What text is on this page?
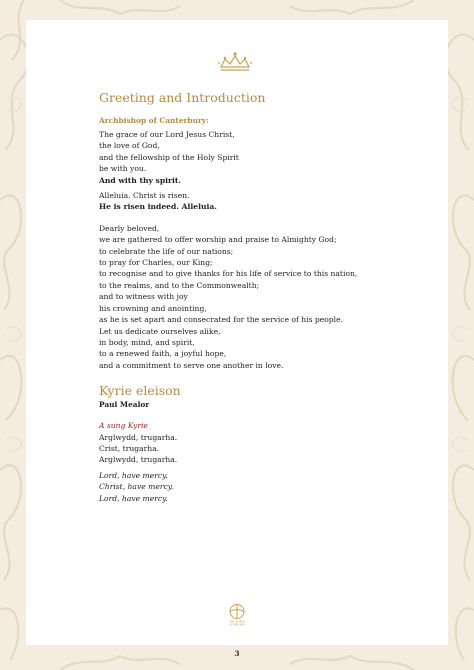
Greeting and Introduction
Archbishop of Canterbury:
The grace of our Lord Jesus Christ,
the love of God,
and the fellowship of the Holy Spirit
be with you.
And with thy spirit.
Alleluia. Christ is risen.
He is risen indeed. Alleluia.
Dearly beloved,
we are gathered to offer worship and praise to Almighty God;
to celebrate the life of our nations;
to pray for Charles, our King;
to recognise and to give thanks for his life of service to this nation,
to the realms, and to the Commonwealth;
and to witness with joy
his crowning and anointing,
as he is set apart and consecrated for the service of his people.
Let us dedicate ourselves alike,
in body, mind, and spirit,
to a renewed faith, a joyful hope,
and a commitment to serve one another in love.
Kyrie eleison
Paul Mealor
A sung Kyrie
Arglwydd, trugarha.
Crist, trugarha.
Arglwydd, trugarha.
Lord, have mercy.
Christ, have mercy.
Lord, have mercy.
THE CHURCH
OF ENGLAND
3
